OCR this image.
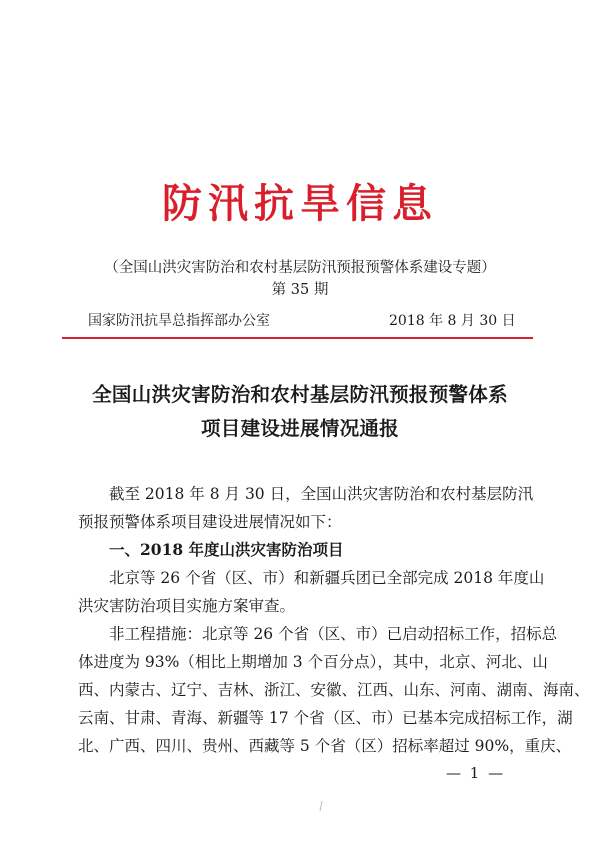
防汛抗旱信息
（全国山洪灾害防治和农村基层防汛预报预警体系建设专题）
第 35 期
国家防汛抗旱总指挥部办公室	2018 年 8 月 30 日
全国山洪灾害防治和农村基层防汛预报预警体系
项目建设进展情况通报
截至 2018 年 8 月 30 日，全国山洪灾害防治和农村基层防汛
预报预警体系项目建设进展情况如下：
一、2018 年度山洪灾害防治项目
北京等 26 个省（区、市）和新疆兵团已全部完成 2018 年度山
洪灾害防治项目实施方案审查。
非工程措施：北京等 26 个省（区、市）已启动招标工作，招标总
体进度为 93%（相比上期增加 3 个百分点），其中，北京、河北、山
西、内蒙古、辽宁、吉林、浙江、安徽、江西、山东、河南、湖南、海南、
云南、甘肃、青海、新疆等 17 个省（区、市）已基本完成招标工作，湖
北、广西、四川、贵州、西藏等 5 个省（区）招标率超过 90%，重庆、
— 1 —
